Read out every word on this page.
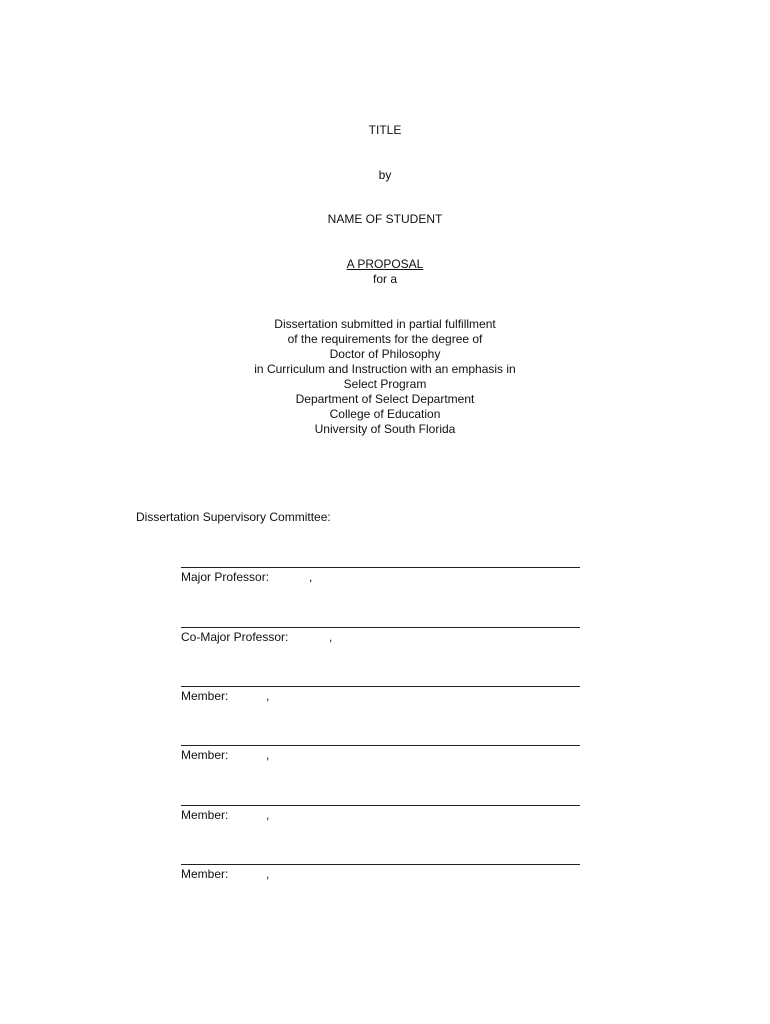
TITLE
by
NAME OF STUDENT
A PROPOSAL
for a
Dissertation submitted in partial fulfillment
of the requirements for the degree of
Doctor of Philosophy
in Curriculum and Instruction with an emphasis in
Select Program
Department of Select Department
College of Education
University of South Florida
Dissertation Supervisory Committee:
Major Professor:	,
Co-Major Professor:	,
Member:	,
Member:	,
Member:	,
Member:	,
